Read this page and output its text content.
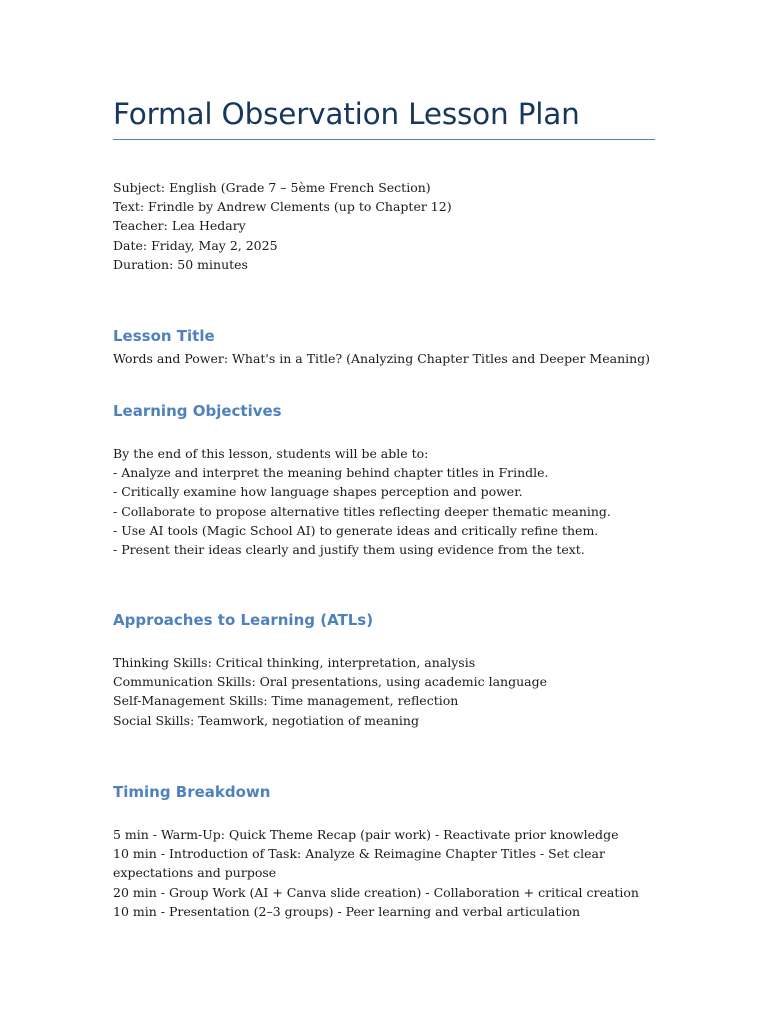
Formal Observation Lesson Plan
Subject: English (Grade 7 – 5ème French Section)
Text: Frindle by Andrew Clements (up to Chapter 12)
Teacher: Lea Hedary
Date: Friday, May 2, 2025
Duration: 50 minutes
Lesson Title
Words and Power: What's in a Title? (Analyzing Chapter Titles and Deeper Meaning)
Learning Objectives
By the end of this lesson, students will be able to:
- Analyze and interpret the meaning behind chapter titles in Frindle.
- Critically examine how language shapes perception and power.
- Collaborate to propose alternative titles reflecting deeper thematic meaning.
- Use AI tools (Magic School AI) to generate ideas and critically refine them.
- Present their ideas clearly and justify them using evidence from the text.
Approaches to Learning (ATLs)
Thinking Skills: Critical thinking, interpretation, analysis
Communication Skills: Oral presentations, using academic language
Self-Management Skills: Time management, reflection
Social Skills: Teamwork, negotiation of meaning
Timing Breakdown
5 min - Warm-Up: Quick Theme Recap (pair work) - Reactivate prior knowledge
10 min - Introduction of Task: Analyze & Reimagine Chapter Titles - Set clear expectations and purpose
20 min - Group Work (AI + Canva slide creation) - Collaboration + critical creation
10 min - Presentation (2–3 groups) - Peer learning and verbal articulation
